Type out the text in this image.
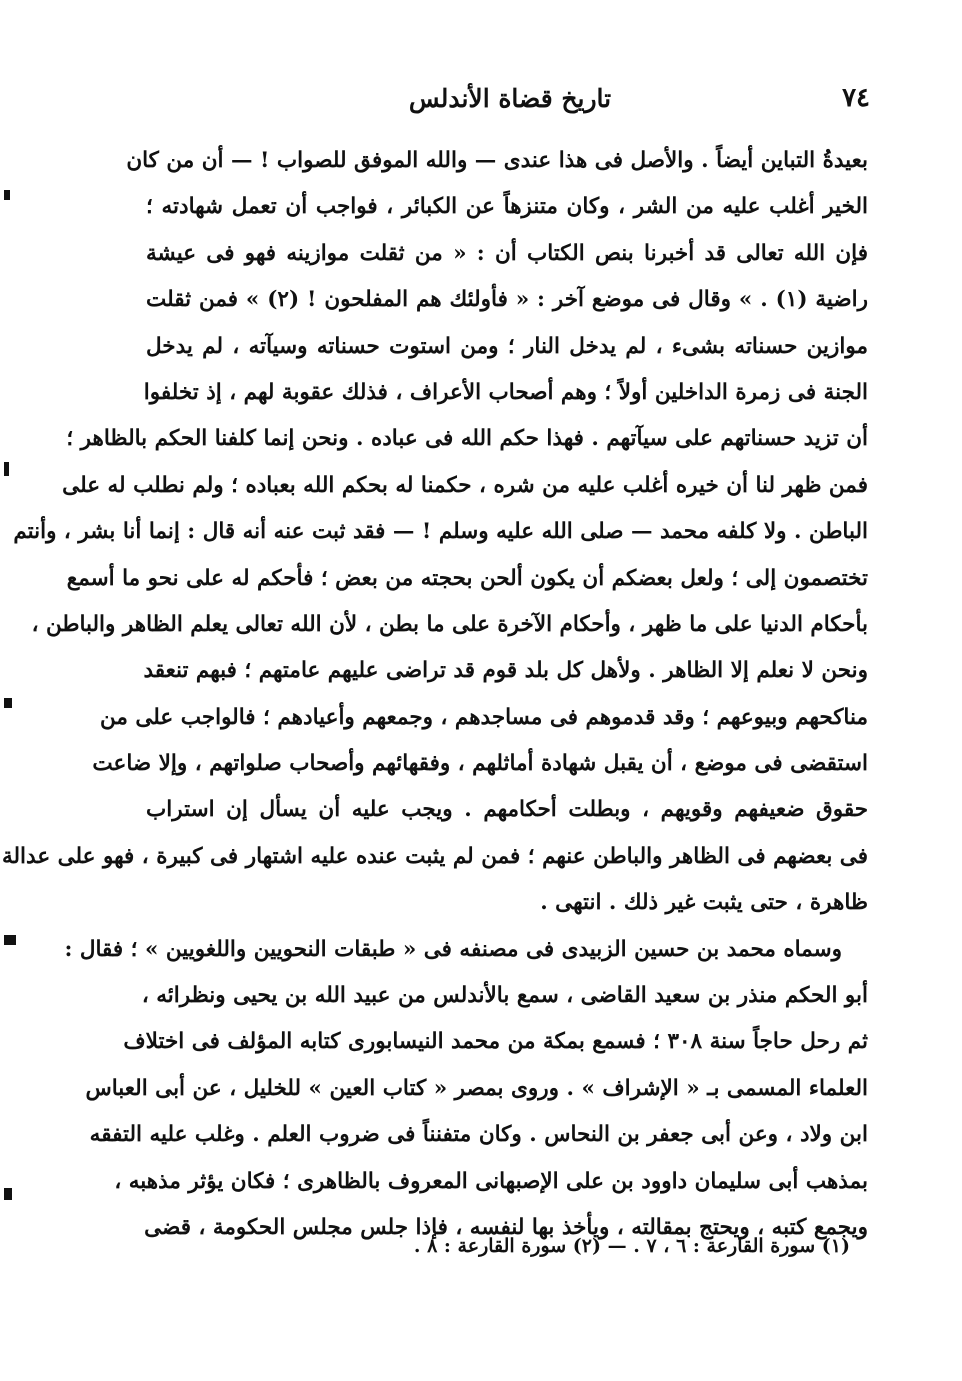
٧٤
تاريخ قضاة الأندلس
بعيدةُ التباين أيضاً . والأصل فى هذا عندى — والله الموفق للصواب ! — أن من كان
الخير أغلب عليه من الشر ، وكان متنزهاً عن الكبائر ، فواجب أن تعمل شهادته ؛
فإن الله تعالى قد أخبرنا بنص الكتاب أن : « من ثقلت موازينه فهو فى عيشة
راضية (١) . » وقال فى موضع آخر : « فأولئك هم المفلحون ! (٢) » فمن ثقلت
موازين حسناته بشىء ، لم يدخل النار ؛ ومن استوت حسناته وسيآته ، لم يدخل
الجنة فى زمرة الداخلين أولاً ؛ وهم أصحاب الأعراف ، فذلك عقوبة لهم ، إذ تخلفوا
أن تزيد حسناتهم على سيآتهم . فهذا حكم الله فى عباده . ونحن إنما كلفنا الحكم بالظاهر ؛
فمن ظهر لنا أن خيره أغلب عليه من شره ، حكمنا له بحكم الله بعباده ؛ ولم نطلب له على
الباطن . ولا كلفه محمد — صلى الله عليه وسلم ! — فقد ثبت عنه أنه قال : إنما أنا بشر ، وأنتم
تختصمون إلى ؛ ولعل بعضكم أن يكون ألحن بحجته من بعض ؛ فأحكم له على نحو ما أسمع
بأحكام الدنيا على ما ظهر ، وأحكام الآخرة على ما بطن ، لأن الله تعالى يعلم الظاهر والباطن ،
ونحن لا نعلم إلا الظاهر . ولأهل كل بلد قوم قد تراضى عليهم عامتهم ؛ فبهم تنعقد
مناكحهم وبيوعهم ؛ وقد قدموهم فى مساجدهم ، وجمعهم وأعيادهم ؛ فالواجب على من
استقضى فى موضع ، أن يقبل شهادة أماثلهم ، وفقهائهم وأصحاب صلواتهم ، وإلا ضاعت
حقوق ضعيفهم وقويهم ، وبطلت أحكامهم . ويجب عليه أن يسأل إن استراب
فى بعضهم فى الظاهر والباطن عنهم ؛ فمن لم يثبت عنده عليه اشتهار فى كبيرة ، فهو على عدالة
ظاهرة ، حتى يثبت غير ذلك . انتهى .
وسماه محمد بن حسين الزبيدى فى مصنفه فى « طبقات النحويين واللغويين » ؛ فقال :
أبو الحكم منذر بن سعيد القاضى ، سمع بالأندلس من عبيد الله بن يحيى ونظرائه ،
ثم رحل حاجاً سنة ٣٠٨ ؛ فسمع بمكة من محمد النيسابورى كتابه المؤلف فى اختلاف
العلماء المسمى بـ « الإشراف » . وروى بمصر « كتاب العين » للخليل ، عن أبى العباس
ابن ولاد ، وعن أبى جعفر بن النحاس . وكان متفنناً فى ضروب العلم . وغلب عليه التفقه
بمذهب أبى سليمان داوود بن على الإصبهانى المعروف بالظاهرى ؛ فكان يؤثر مذهبه ،
ويجمع كتبه ، ويحتج بمقالته ، ويأخذ بها لنفسه ، فإذا جلس مجلس الحكومة ، قضى
(١) سورة القارعة : ٦ ، ٧ . — (٢) سورة القارعة : ٨ .
